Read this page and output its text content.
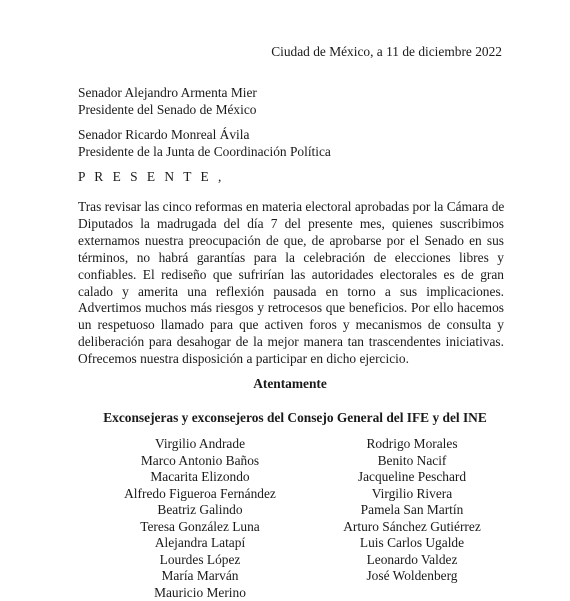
Ciudad de México, a 11 de diciembre 2022
Senador Alejandro Armenta Mier
Presidente del Senado de México
Senador Ricardo Monreal Ávila
Presidente de la Junta de Coordinación Política
P R E S E N T E ,
Tras revisar las cinco reformas en materia electoral aprobadas por la Cámara de
Diputados la madrugada del día 7 del presente mes, quienes suscribimos
externamos nuestra preocupación de que, de aprobarse por el Senado en sus
términos, no habrá garantías para la celebración de elecciones libres y
confiables. El rediseño que sufrirían las autoridades electorales es de gran
calado y amerita una reflexión pausada en torno a sus implicaciones.
Advertimos muchos más riesgos y retrocesos que beneficios. Por ello hacemos
un respetuoso llamado para que activen foros y mecanismos de consulta y
deliberación para desahogar de la mejor manera tan trascendentes iniciativas.
Ofrecemos nuestra disposición a participar en dicho ejercicio.
Atentamente
Exconsejeras y exconsejeros del Consejo General del IFE y del INE
Virgilio Andrade
Marco Antonio Baños
Macarita Elizondo
Alfredo Figueroa Fernández
Beatriz Galindo
Teresa González Luna
Alejandra Latapí
Lourdes López
María Marván
Mauricio Merino
Rodrigo Morales
Benito Nacif
Jacqueline Peschard
Virgilio Rivera
Pamela San Martín
Arturo Sánchez Gutiérrez
Luis Carlos Ugalde
Leonardo Valdez
José Woldenberg
